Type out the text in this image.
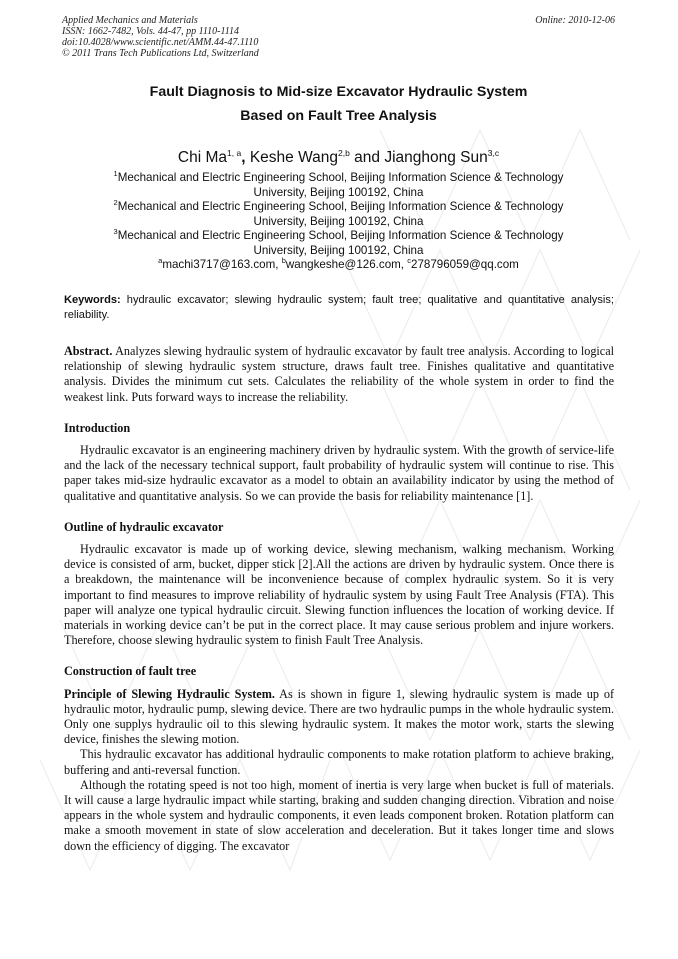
Applied Mechanics and Materials
ISSN: 1662-7482, Vols. 44-47, pp 1110-1114
doi:10.4028/www.scientific.net/AMM.44-47.1110
© 2011 Trans Tech Publications Ltd, Switzerland
Online: 2010-12-06
Fault Diagnosis to Mid-size Excavator Hydraulic System
Based on Fault Tree Analysis
Chi Ma$^{1, a}$, Keshe Wang$^{2,b}$ and Jianghong Sun$^{3,c}$
$^1$Mechanical and Electric Engineering School, Beijing Information Science & Technology
University, Beijing 100192, China
$^2$Mechanical and Electric Engineering School, Beijing Information Science & Technology
University, Beijing 100192, China
$^3$Mechanical and Electric Engineering School, Beijing Information Science & Technology
University, Beijing 100192, China
$^a$machi3717@163.com, $^b$wangkeshe@126.com, $^c$278796059@qq.com
Keywords: hydraulic excavator; slewing hydraulic system; fault tree; qualitative and quantitative analysis; reliability.

Abstract. Analyzes slewing hydraulic system of hydraulic excavator by fault tree analysis. According to logical relationship of slewing hydraulic system structure, draws fault tree. Finishes qualitative and quantitative analysis. Divides the minimum cut sets. Calculates the reliability of the whole system in order to find the weakest link. Puts forward ways to increase the reliability.

Introduction

Hydraulic excavator is an engineering machinery driven by hydraulic system. With the growth of service-life and the lack of the necessary technical support, fault probability of hydraulic system will continue to rise. This paper takes mid-size hydraulic excavator as a model to obtain an availability indicator by using the method of qualitative and quantitative analysis. So we can provide the basis for reliability maintenance [1].

Outline of hydraulic excavator

Hydraulic excavator is made up of working device, slewing mechanism, walking mechanism. Working device is consisted of arm, bucket, dipper stick [2].All the actions are driven by hydraulic system. Once there is a breakdown, the maintenance will be inconvenience because of complex hydraulic system. So it is very important to find measures to improve reliability of hydraulic system by using Fault Tree Analysis (FTA). This paper will analyze one typical hydraulic circuit. Slewing function influences the location of working device. If materials in working device can’t be put in the correct place. It may cause serious problem and injure workers. Therefore, choose slewing hydraulic system to finish Fault Tree Analysis.

Construction of fault tree

Principle of Slewing Hydraulic System. As is shown in figure 1, slewing hydraulic system is made up of hydraulic motor, hydraulic pump, slewing device. There are two hydraulic pumps in the whole hydraulic system. Only one supplys hydraulic oil to this slewing hydraulic system. It makes the motor work, starts the slewing device, finishes the slewing motion.

This hydraulic excavator has additional hydraulic components to make rotation platform to achieve braking, buffering and anti-reversal function.

Although the rotating speed is not too high, moment of inertia is very large when bucket is full of materials. It will cause a large hydraulic impact while starting, braking and sudden changing direction. Vibration and noise appears in the whole system and hydraulic components, it even leads component broken. Rotation platform can make a smooth movement in state of slow acceleration and deceleration. But it takes longer time and slows down the efficiency of digging. The excavator
